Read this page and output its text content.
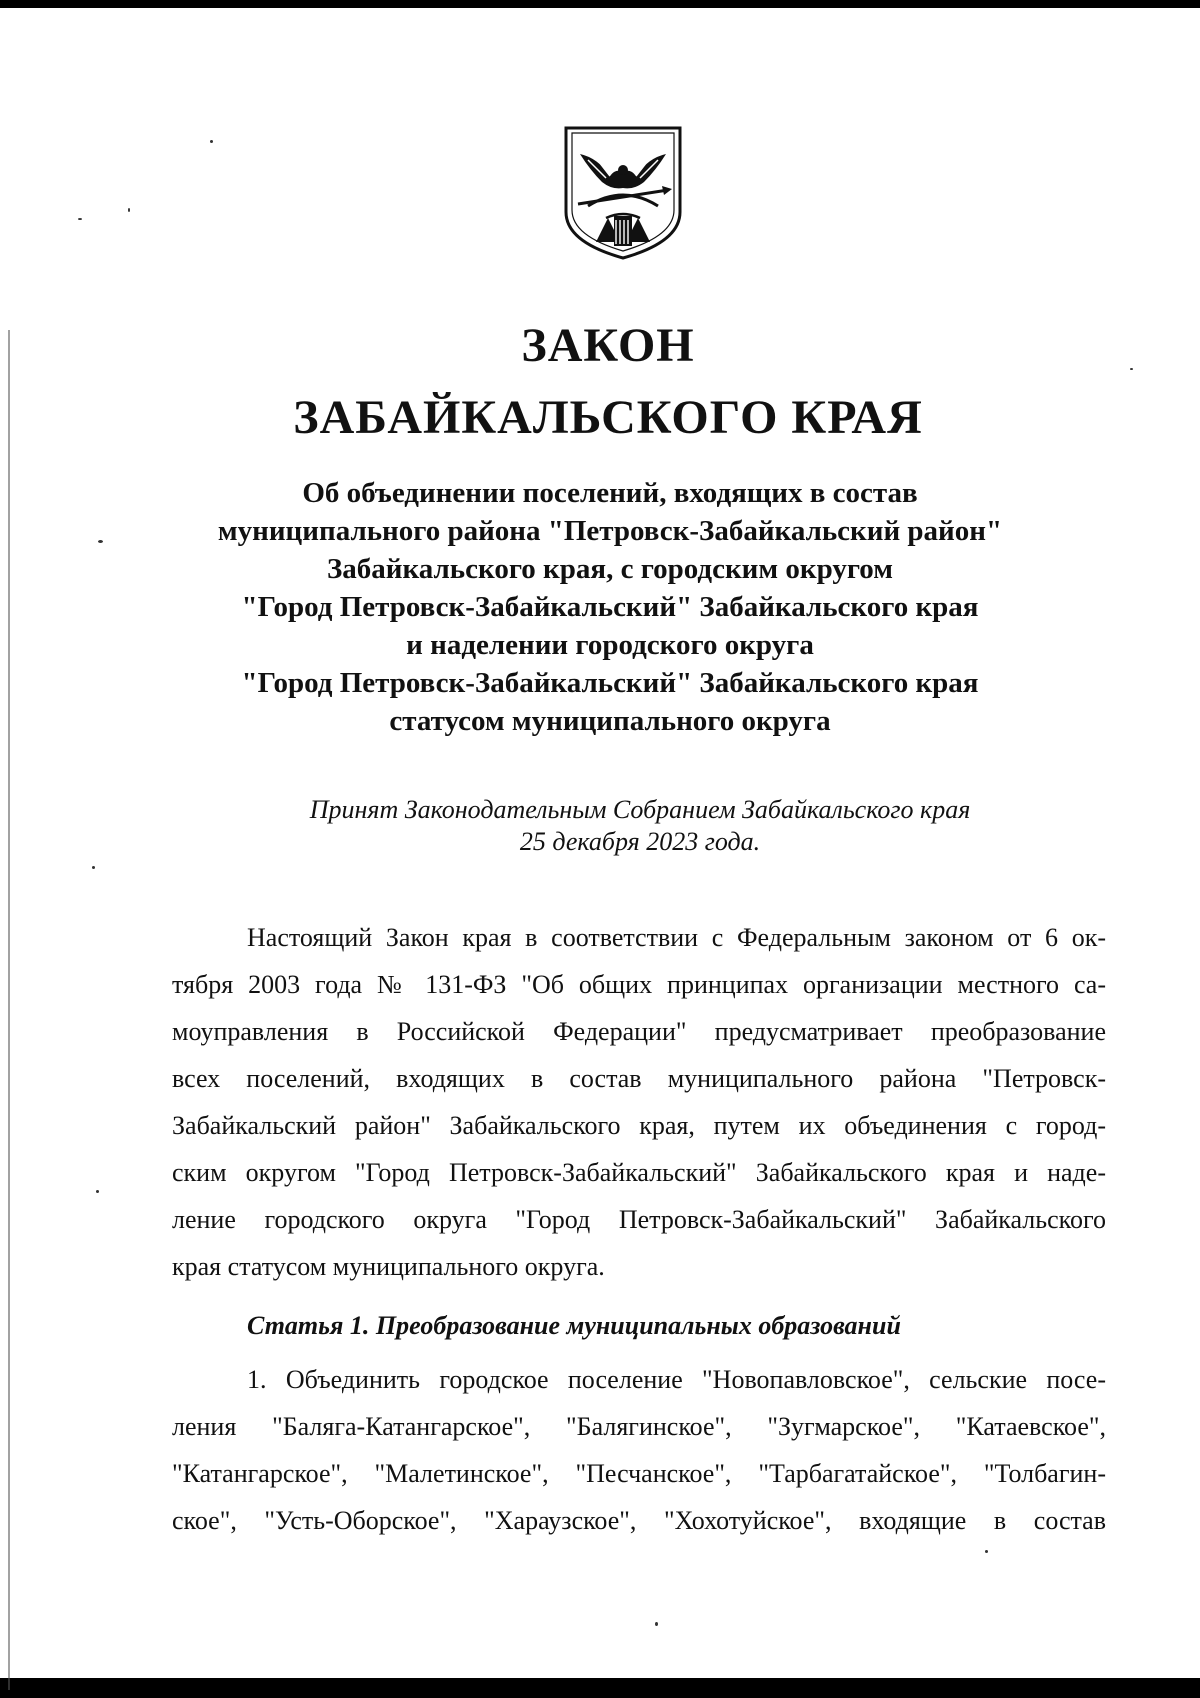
ЗАКОН
ЗАБАЙКАЛЬСКОГО КРАЯ
Об объединении поселений, входящих в состав
муниципального района "Петровск-Забайкальский район"
Забайкальского края, с городским округом
"Город Петровск-Забайкальский" Забайкальского края
и наделении городского округа
"Город Петровск-Забайкальский" Забайкальского края
статусом муниципального округа
Принят Законодательным Собранием Забайкальского края
25 декабря 2023 года.
Настоящий Закон края в соответствии с Федеральным законом от 6 ок-
тября 2003 года № 131-ФЗ "Об общих принципах организации местного са-
моуправления в Российской Федерации" предусматривает преобразование
всех поселений, входящих в состав муниципального района "Петровск-
Забайкальский район" Забайкальского края, путем их объединения с город-
ским округом "Город Петровск-Забайкальский" Забайкальского края и наде-
ление городского округа "Город Петровск-Забайкальский" Забайкальского
края статусом муниципального округа.
Статья 1. Преобразование муниципальных образований
1. Объединить городское поселение "Новопавловское", сельские посе-
ления "Баляга-Катангарское", "Балягинское", "Зугмарское", "Катаевское",
"Катангарское", "Малетинское", "Песчанское", "Тарбагатайское", "Толбагин-
ское", "Усть-Оборское", "Хараузское", "Хохотуйское", входящие в состав
